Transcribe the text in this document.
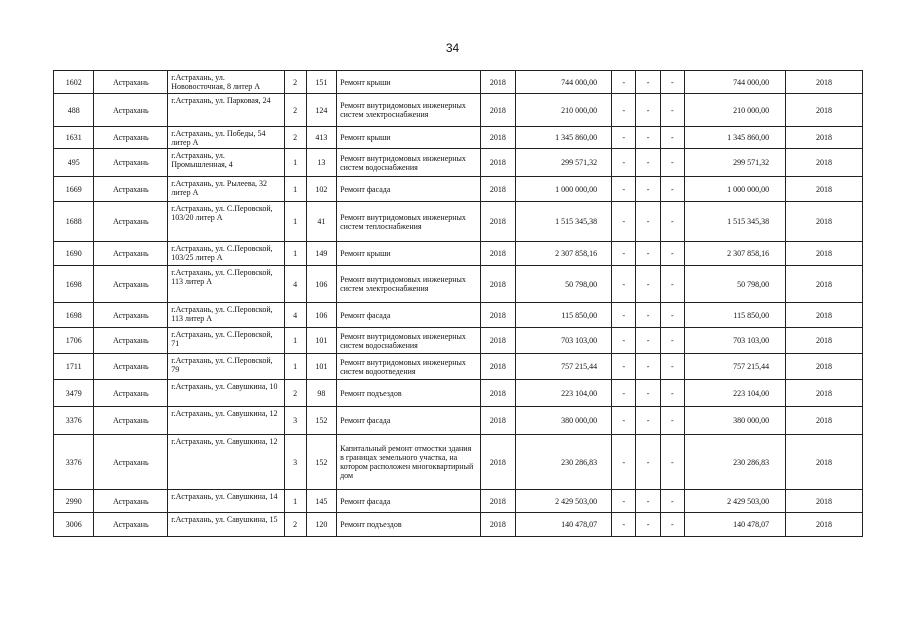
34
1602	Астрахань	г.Астрахань, ул. Нововосточная, 8 литер А	2	151	Ремонт крыши	2018	744 000,00	-	-	-	744 000,00	2018
488	Астрахань	г.Астрахань, ул. Парковая, 24	2	124	Ремонт внутридомовых инженерных систем электроснабжения	2018	210 000,00	-	-	-	210 000,00	2018
1631	Астрахань	г.Астрахань, ул. Победы, 54 литер А	2	413	Ремонт крыши	2018	1 345 860,00	-	-	-	1 345 860,00	2018
495	Астрахань	г.Астрахань, ул. Промышленная, 4	1	13	Ремонт внутридомовых инженерных систем водоснабжения	2018	299 571,32	-	-	-	299 571,32	2018
1669	Астрахань	г.Астрахань, ул. Рылеева, 32 литер А	1	102	Ремонт фасада	2018	1 000 000,00	-	-	-	1 000 000,00	2018
1688	Астрахань	г.Астрахань, ул. С.Перовской, 103/20 литер А	1	41	Ремонт внутридомовых инженерных систем теплоснабжения	2018	1 515 345,38	-	-	-	1 515 345,38	2018
1690	Астрахань	г.Астрахань, ул. С.Перовской, 103/25 литер А	1	149	Ремонт крыши	2018	2 307 858,16	-	-	-	2 307 858,16	2018
1698	Астрахань	г.Астрахань, ул. С.Перовской, 113 литер А	4	106	Ремонт внутридомовых инженерных систем электроснабжения	2018	50 798,00	-	-	-	50 798,00	2018
1698	Астрахань	г.Астрахань, ул. С.Перовской, 113 литер А	4	106	Ремонт фасада	2018	115 850,00	-	-	-	115 850,00	2018
1706	Астрахань	г.Астрахань, ул. С.Перовской, 71	1	101	Ремонт внутридомовых инженерных систем водоснабжения	2018	703 103,00	-	-	-	703 103,00	2018
1711	Астрахань	г.Астрахань, ул. С.Перовской, 79	1	101	Ремонт внутридомовых инженерных систем водоотведения	2018	757 215,44	-	-	-	757 215,44	2018
3479	Астрахань	г.Астрахань, ул. Савушкина, 10	2	98	Ремонт подъездов	2018	223 104,00	-	-	-	223 104,00	2018
3376	Астрахань	г.Астрахань, ул. Савушкина, 12	3	152	Ремонт фасада	2018	380 000,00	-	-	-	380 000,00	2018
3376	Астрахань	г.Астрахань, ул. Савушкина, 12	3	152	Капитальный ремонт отмостки здания в границах земельного участка, на котором расположен многоквартирный дом	2018	230 286,83	-	-	-	230 286,83	2018
2990	Астрахань	г.Астрахань, ул. Савушкина, 14	1	145	Ремонт фасада	2018	2 429 503,00	-	-	-	2 429 503,00	2018
3006	Астрахань	г.Астрахань, ул. Савушкина, 15	2	120	Ремонт подъездов	2018	140 478,07	-	-	-	140 478,07	2018
